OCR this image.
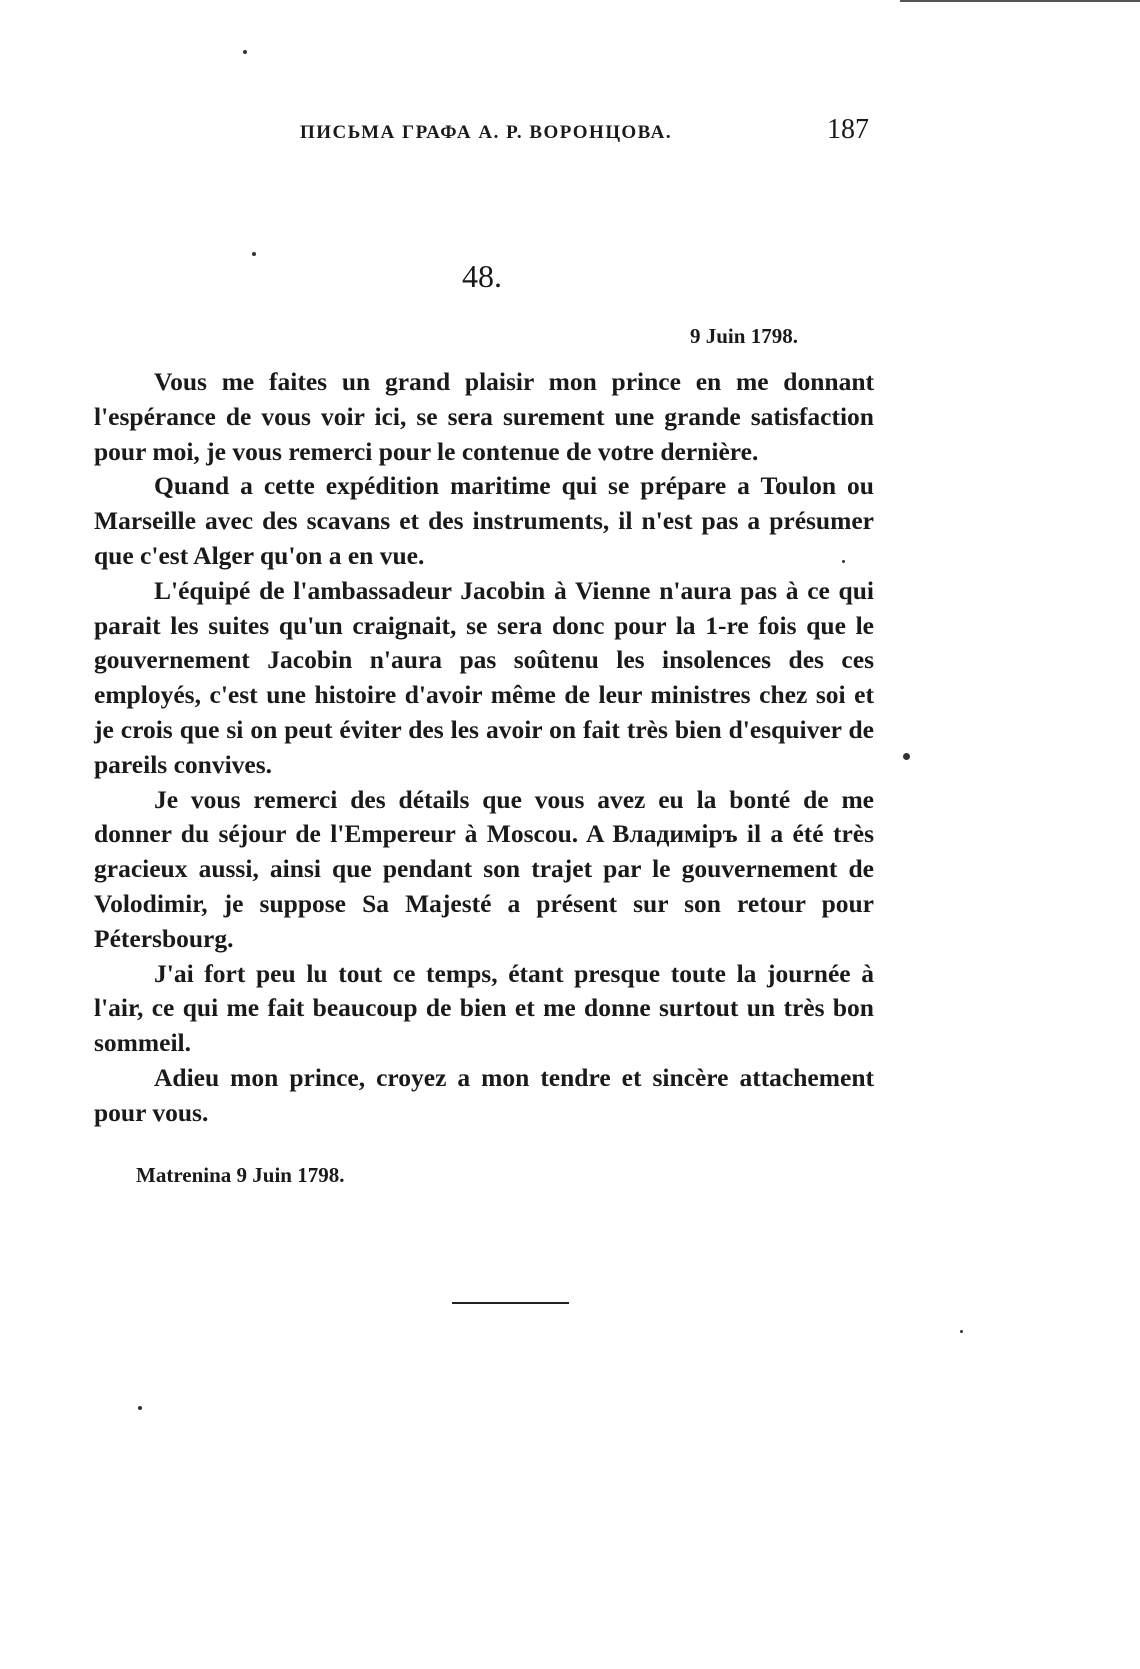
ПИСЬМА ГРАФА А. Р. ВОРОНЦОВА.	187
48.
9 Juin 1798.

Vous me faites un grand plaisir mon prince en me donnant l'espérance de vous voir ici, se sera surement une grande satisfaction pour moi, je vous remerci pour le contenue de votre dernière.

Quand a cette expédition maritime qui se prépare a Toulon ou Marseille avec des scavans et des instruments, il n'est pas a présumer que c'est Alger qu'on a en vue.

L'équipé de l'ambassadeur Jacobin à Vienne n'aura pas à ce qui parait les suites qu'un craignait, se sera donc pour la 1-re fois que le gouvernement Jacobin n'aura pas soûtenu les insolences des ces employés, c'est une histoire d'avoir même de leur ministres chez soi et je crois que si on peut éviter des les avoir on fait très bien d'esquiver de pareils convives.

Je vous remerci des détails que vous avez eu la bonté de me donner du séjour de l'Empereur à Moscou. A Владиміръ il a été très gracieux aussi, ainsi que pendant son trajet par le gouvernement de Volodimir, je suppose Sa Majesté a présent sur son retour pour Pétersbourg.

J'ai fort peu lu tout ce temps, étant presque toute la journée à l'air, ce qui me fait beaucoup de bien et me donne surtout un très bon sommeil.

Adieu mon prince, croyez a mon tendre et sincère attachement pour vous.

Matrenina 9 Juin 1798.
